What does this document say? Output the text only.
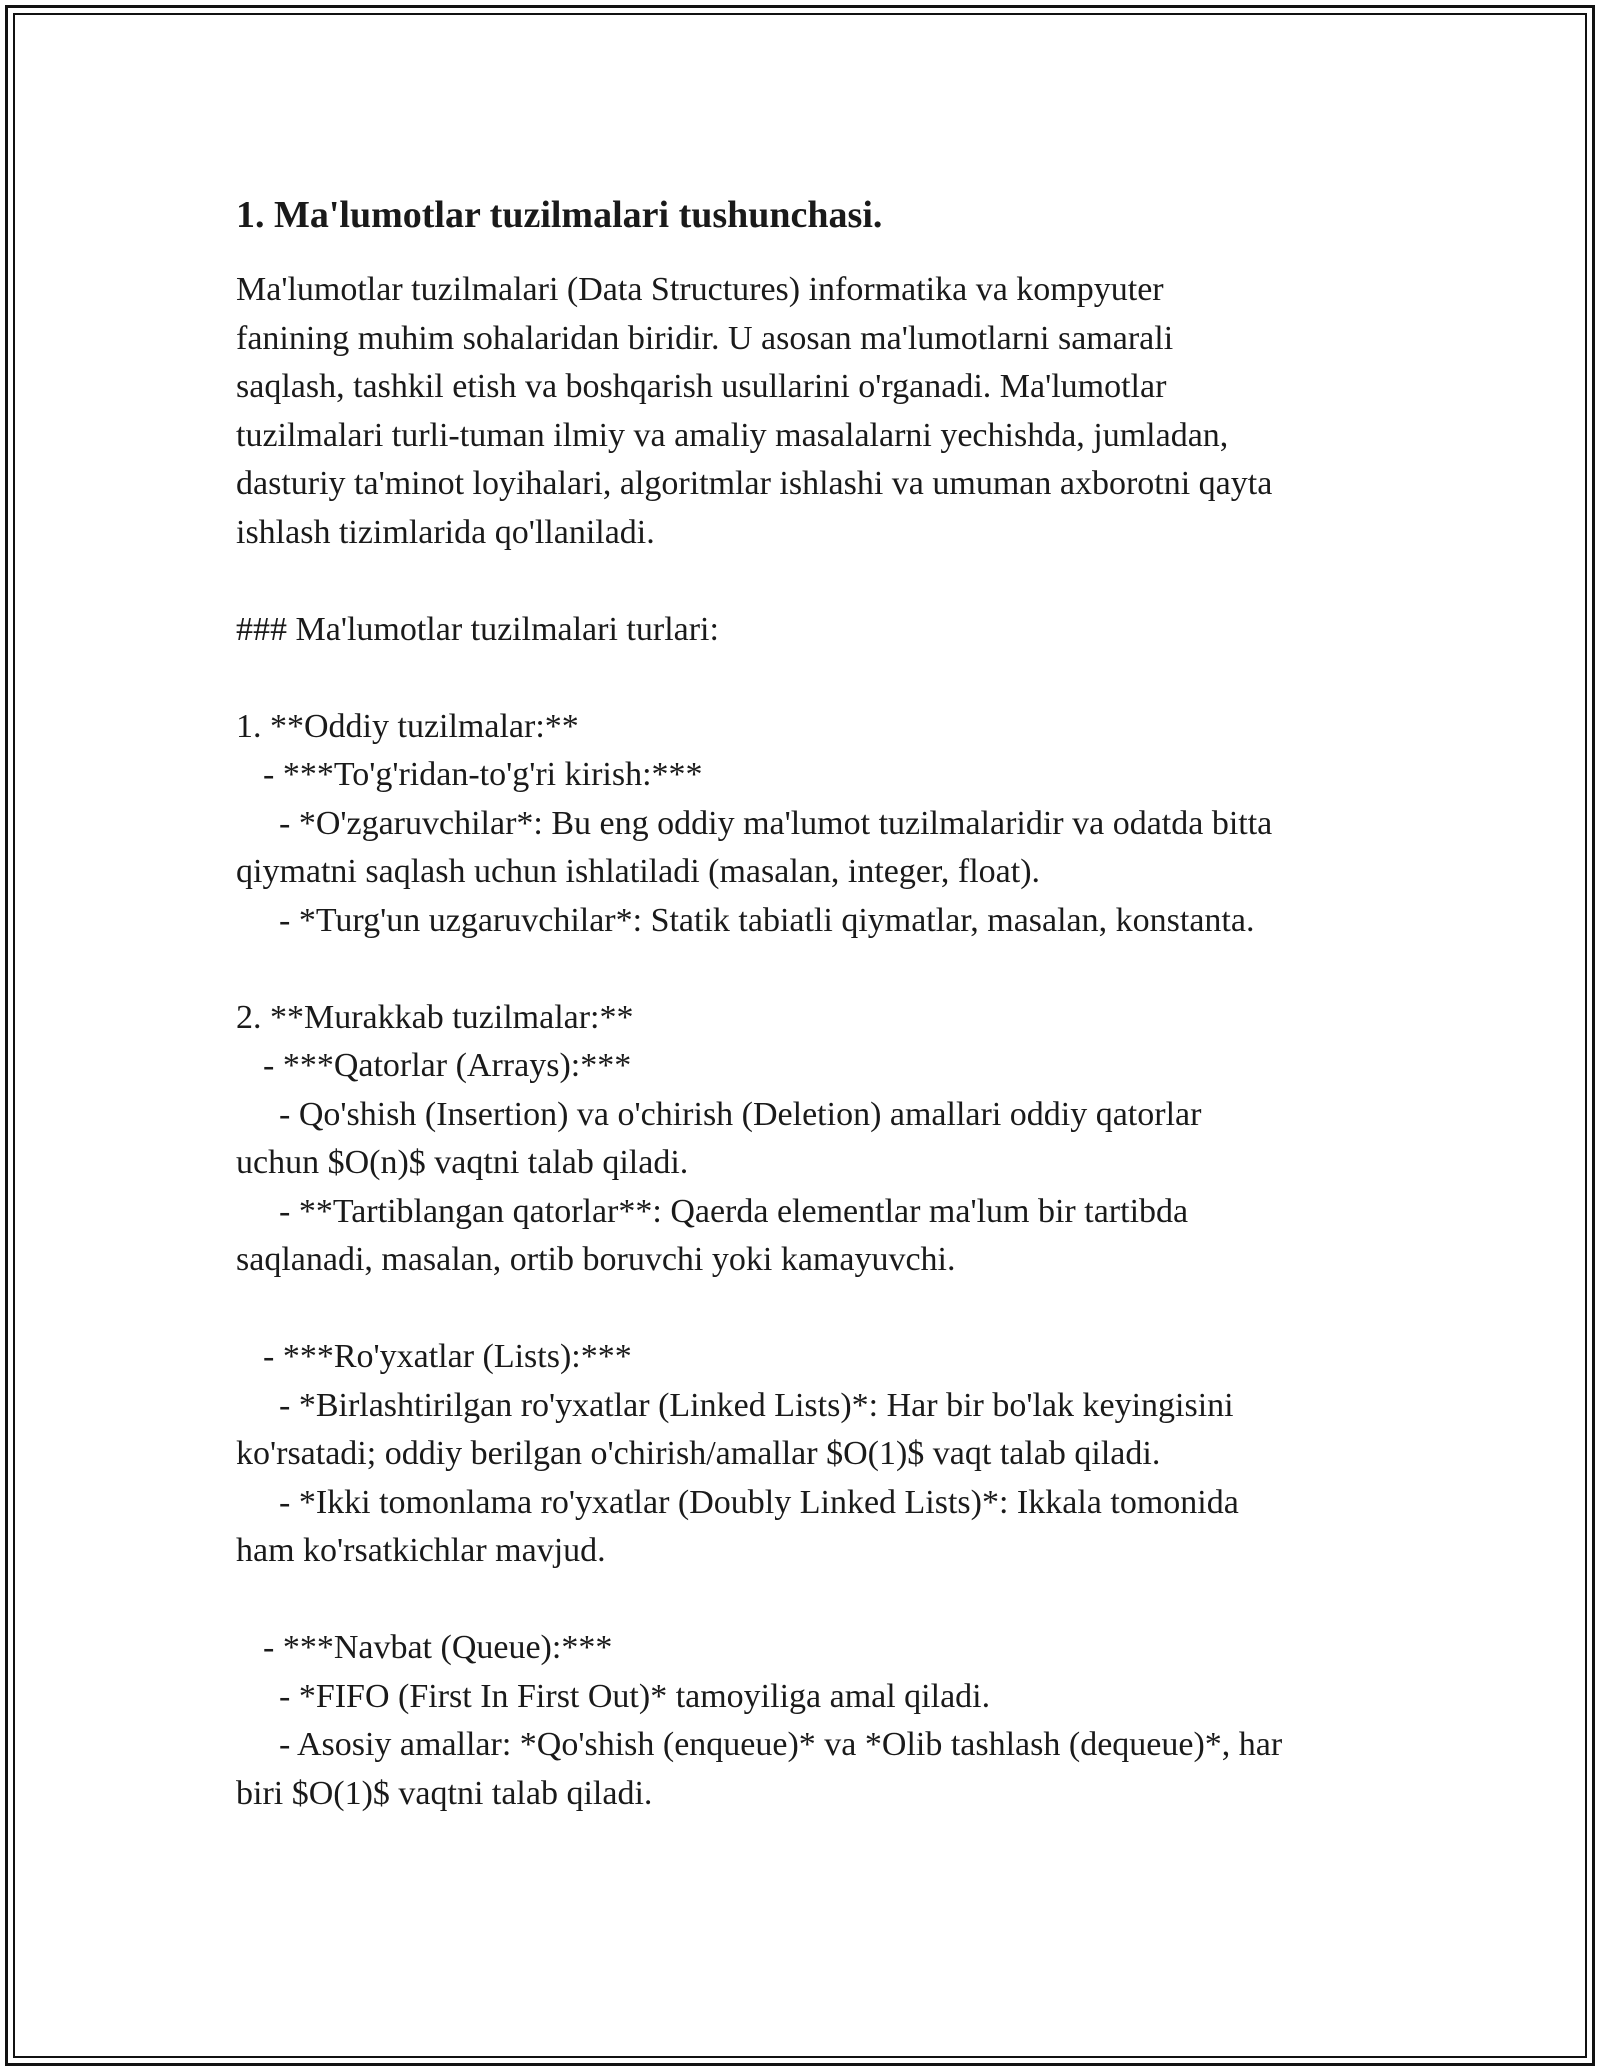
1. Ma'lumotlar tuzilmalari tushunchasi.

Ma'lumotlar tuzilmalari (Data Structures) informatika va kompyuter

fanining muhim sohalaridan biridir. U asosan ma'lumotlarni samarali

saqlash, tashkil etish va boshqarish usullarini o'rganadi. Ma'lumotlar

tuzilmalari turli-tuman ilmiy va amaliy masalalarni yechishda, jumladan,

dasturiy ta'minot loyihalari, algoritmlar ishlashi va umuman axborotni qayta

ishlash tizimlarida qo'llaniladi.

### Ma'lumotlar tuzilmalari turlari:

1. **Oddiy tuzilmalar:**

- ***To'g'ridan-to'g'ri kirish:***

- *O'zgaruvchilar*: Bu eng oddiy ma'lumot tuzilmalaridir va odatda bitta

qiymatni saqlash uchun ishlatiladi (masalan, integer, float).

- *Turg'un uzgaruvchilar*: Statik tabiatli qiymatlar, masalan, konstanta.

2. **Murakkab tuzilmalar:**

- ***Qatorlar (Arrays):***

- Qo'shish (Insertion) va o'chirish (Deletion) amallari oddiy qatorlar

uchun $O(n)$ vaqtni talab qiladi.

- **Tartiblangan qatorlar**: Qaerda elementlar ma'lum bir tartibda

saqlanadi, masalan, ortib boruvchi yoki kamayuvchi.

- ***Ro'yxatlar (Lists):***

- *Birlashtirilgan ro'yxatlar (Linked Lists)*: Har bir bo'lak keyingisini

ko'rsatadi; oddiy berilgan o'chirish/amallar $O(1)$ vaqt talab qiladi.

- *Ikki tomonlama ro'yxatlar (Doubly Linked Lists)*: Ikkala tomonida

ham ko'rsatkichlar mavjud.

- ***Navbat (Queue):***

- *FIFO (First In First Out)* tamoyiliga amal qiladi.

- Asosiy amallar: *Qo'shish (enqueue)* va *Olib tashlash (dequeue)*, har

biri $O(1)$ vaqtni talab qiladi.
